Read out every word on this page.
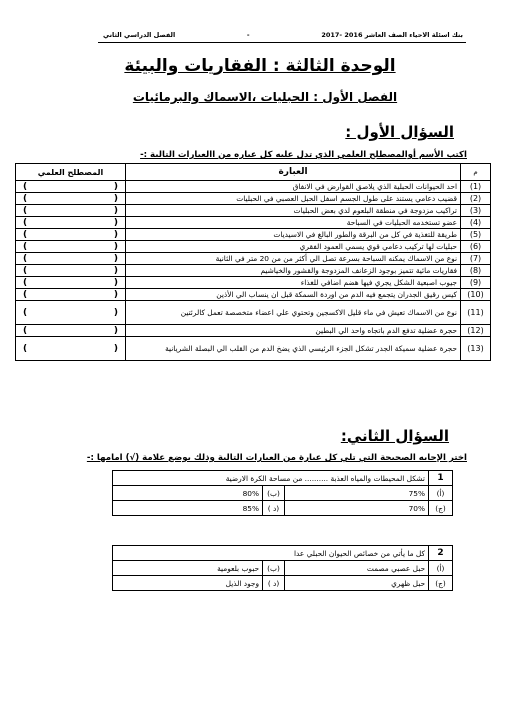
بنك اسئلة الاحياء الصف العاشر 2016 -2017
-
الفصل الدراسي الثاني
الوحدة الثالثة : الفقاريات والبيئة
الفصل الأول : الحبليات ،الاسماك والبرمائيات
السؤال الأول :
اكتب الأسم أوالمصطلح العلمي الذي تدل عليه كل عباره من االعبارات التالية :-
م	العبارة	المصطلح العلمي
(1)	احد الحيوانات الحبلية الذي يلاصق القوارض في الانفاق	( )

(2)	قضيب دعامي يستند على طول الجسم اسفل الحبل العصبي في الحبليات	( )

(3)	تراكيب مزدوجة في منطقة البلعوم لدي بعض الحبليات	( )

(4)	عضو تستخدمه الحبليات في السباحة	( )

(5)	طريقة للتغذية في كل من البرقة والطور البالغ في الاسيديات	( )

(6)	حبليات لها تركيب دعامي قوي يسمي العمود الفقري	( )

(7)	نوع من الاسماك يمكنه السباحة بسرعة تصل الي أكثر من من 20 متر في الثانية	( )

(8)	فقاريات مائية تتميز بوجود الزعانف المزدوجة والقشور والخياشيم	( )

(9)	جيوب اصبعية الشكل يجري فيها هضم اضافي للغذاء	( )

(10)	كيس رقيق الجدران يتجمع فيه الدم من اوردة السمكة قبل ان ينساب الي الأذين	( )

(11)	نوع من الاسماك تعيش في ماء قليل الاكسجين وتحتوي علي اعضاء متخصصة تعمل كالرئتين	( )

(12)	حجرة عضلية تدفع الدم باتجاه واحد الي البطين	( )

(13)	حجرة عضلية سميكة الجدر تشكل الجزء الرئيسي الذي يضخ الدم من القلب الي البصلة الشريانية	( )
السؤال الثاني:
اختر الإجابه الصحيحة التي تلي كل عبارة من العبارات التالية وذلك بوضع علامة (√) امامها :-
1	تشكل المحيطات والمياه العذبة .......... من مساحة الكرة الارضية		
(أ)	75%	(ب)	80%
(ج)	70%	(د )	85%
2	كل ما يأتي من خصائص الحيوان الحبلي عدا		
(أ)	حبل عصبي مصمت	(ب)	حبوب بلعومية
(ج)	حبل ظهري	(د )	وجود الذيل
